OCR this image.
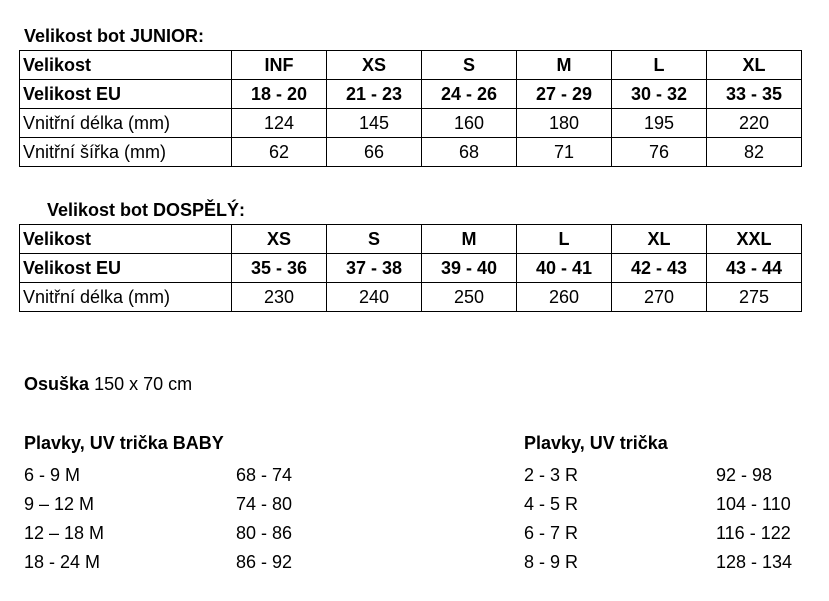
Velikost bot JUNIOR:
Velikost	INF	XS	S	M	L	XL
Velikost EU	18 - 20	21 - 23	24 - 26	27 - 29	30 - 32	33 - 35
Vnitřní délka (mm)	124	145	160	180	195	220
Vnitřní šířka (mm)	62	66	68	71	76	82
Velikost bot DOSPĚLÝ:
Velikost	XS	S	M	L	XL	XXL
Velikost EU	35 - 36	37 - 38	39 - 40	40 - 41	42 - 43	43 - 44
Vnitřní délka (mm)	230	240	250	260	270	275
Osuška 150 x 70 cm
Plavky, UV trička BABY
6 - 9 M	68 - 74
9 – 12 M	74 - 80
12 – 18 M	80 - 86
18 - 24 M	86 - 92
Plavky, UV trička
2 - 3 R	92 - 98
4 - 5 R	104 - 110
6 - 7 R	116 - 122
8 - 9 R	128 - 134
